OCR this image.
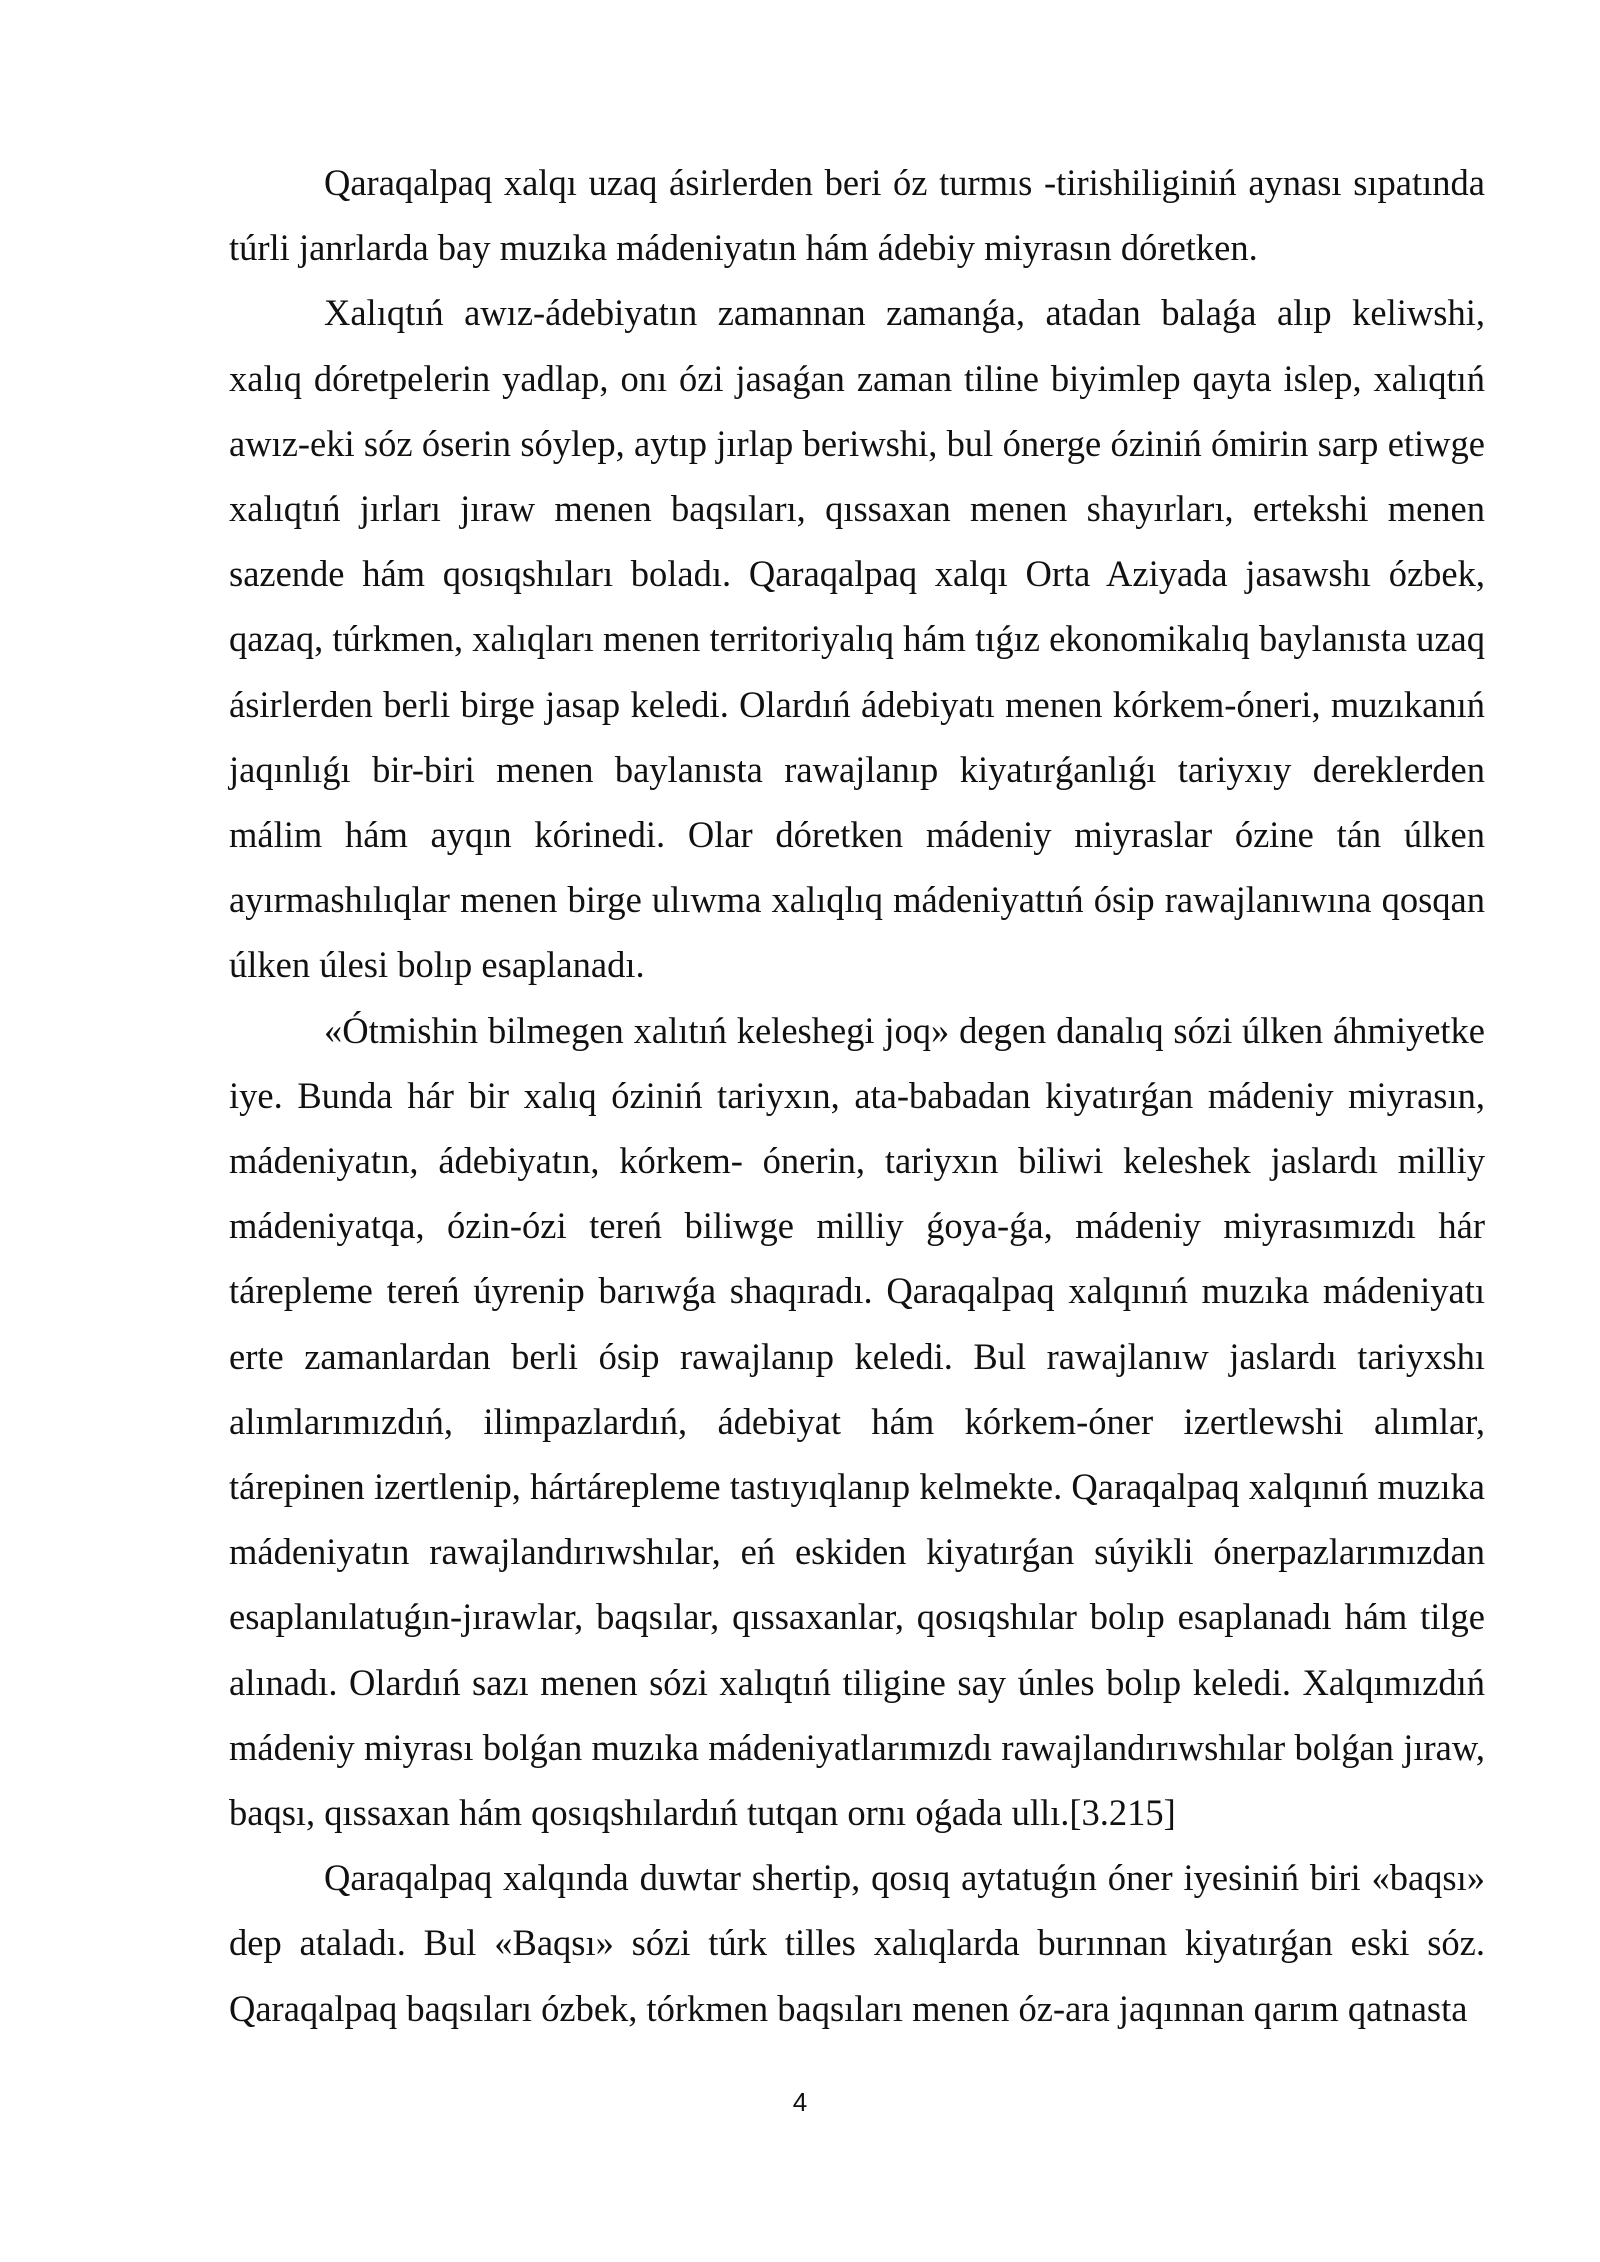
Qaraqalpaq xalqı uzaq ásirlerden beri óz turmıs -tirishiliginiń aynası sıpatında túrli janrlarda bay muzıka mádeniyatın hám ádebiy miyrasın dóretken.

Xalıqtıń awız-ádebiyatın zamannan zamanǵa, atadan balaǵa alıp keliwshi, xalıq dóretpelerin yadlap, onı ózi jasaǵan zaman tiline biyimlep qayta islep, xalıqtıń awız-eki sóz óserin sóylep, aytıp jırlap beriwshi, bul ónerge óziniń ómirin sarp etiwge xalıqtıń jırları jıraw menen baqsıları, qıssaxan menen shayırları, ertekshi menen sazende hám qosıqshıları boladı. Qaraqalpaq xalqı Orta Aziyada jasawshı ózbek, qazaq, túrkmen, xalıqları menen territoriyalıq hám tıǵız ekonomikalıq baylanısta uzaq ásirlerden berli birge jasap keledi. Olardıń ádebiyatı menen kórkem-óneri, muzıkanıń jaqınlıǵı bir-biri menen baylanısta rawajlanıp kiyatırǵanlıǵı tariyxıy dereklerden málim hám ayqın kórinedi. Olar dóretken mádeniy miyraslar ózine tán úlken ayırmashılıqlar menen birge ulıwma xalıqlıq mádeniyattıń ósip rawajlanıwına qosqan úlken úlesi bolıp esaplanadı.

«Ótmishin bilmegen xalıtıń keleshegi joq» degen danalıq sózi úlken áhmiyetke iye. Bunda hár bir xalıq óziniń tariyxın, ata-babadan kiyatırǵan mádeniy miyrasın, mádeniyatın, ádebiyatın, kórkem- ónerin, tariyxın biliwi keleshek jaslardı milliy mádeniyatqa, ózin-ózi tereń biliwge milliy ǵoya-ǵa, mádeniy miyrasımızdı hár tárepleme tereń úyrenip barıwǵa shaqıradı. Qaraqalpaq xalqınıń muzıka mádeniyatı erte zamanlardan berli ósip rawajlanıp keledi. Bul rawajlanıw jaslardı tariyxshı alımlarımızdıń, ilimpazlardıń, ádebiyat hám kórkem-óner izertlewshi alımlar, tárepinen izertlenip, hártárepleme tastıyıqlanıp kelmekte. Qaraqalpaq xalqınıń muzıka mádeniyatın rawajlandırıwshılar, eń eskiden kiyatırǵan súyikli ónerpazlarımızdan esaplanılatuǵın-jırawlar, baqsılar, qıssaxanlar, qosıqshılar bolıp esaplanadı hám tilge alınadı. Olardıń sazı menen sózi xalıqtıń tiligine say únles bolıp keledi. Xalqımızdıń mádeniy miyrası bolǵan muzıka mádeniyatlarımızdı rawajlandırıwshılar bolǵan jıraw, baqsı, qıssaxan hám qosıqshılardıń tutqan ornı oǵada ullı.[3.215]

Qaraqalpaq xalqında duwtar shertip, qosıq aytatuǵın óner iyesiniń biri «baqsı» dep ataladı. Bul «Baqsı» sózi túrk tilles xalıqlarda burınnan kiyatırǵan eski sóz. Qaraqalpaq baqsıları ózbek, tórkmen baqsıları menen óz-ara jaqınnan qarım qatnasta

4
